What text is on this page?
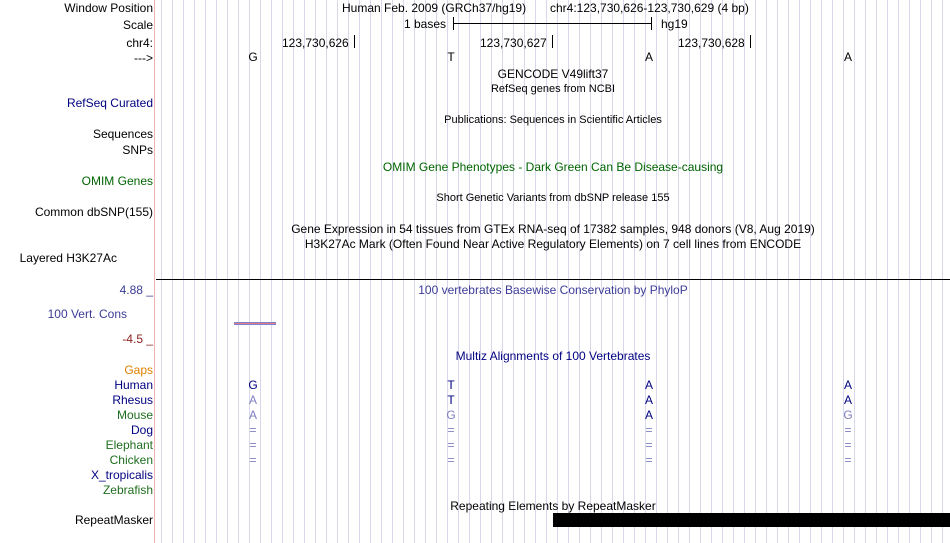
Window Position	Human Feb. 2009 (GRCh37/hg19) chr4:123,730,626-123,730,629 (4 bp)
Scale	1 bases	hg19
chr4:	123,730,626	123,730,627	123,730,628
--->	G	T	A	A
GENCODE V49lift37
RefSeq genes from NCBI
RefSeq Curated
Publications: Sequences in Scientific Articles
Sequences
SNPs
OMIM Gene Phenotypes - Dark Green Can Be Disease-causing
OMIM Genes
Short Genetic Variants from dbSNP release 155
Common dbSNP(155)
Gene Expression in 54 tissues from GTEx RNA-seq of 17382 samples, 948 donors (V8, Aug 2019)
H3K27Ac Mark (Often Found Near Active Regulatory Elements) on 7 cell lines from ENCODE
Layered H3K27Ac
4.88 _	100 vertebrates Basewise Conservation by PhyloP
100 Vert. Cons
-4.5 _
Multiz Alignments of 100 Vertebrates
Gaps
Human	G	T	A	A
Rhesus	A	T	A	A
Mouse	A	G	A	G
Dog	=	=	=	=
Elephant	=	=	=	=
Chicken	=	=	=	=
X_tropicalis
Zebrafish
Repeating Elements by RepeatMasker
RepeatMasker
